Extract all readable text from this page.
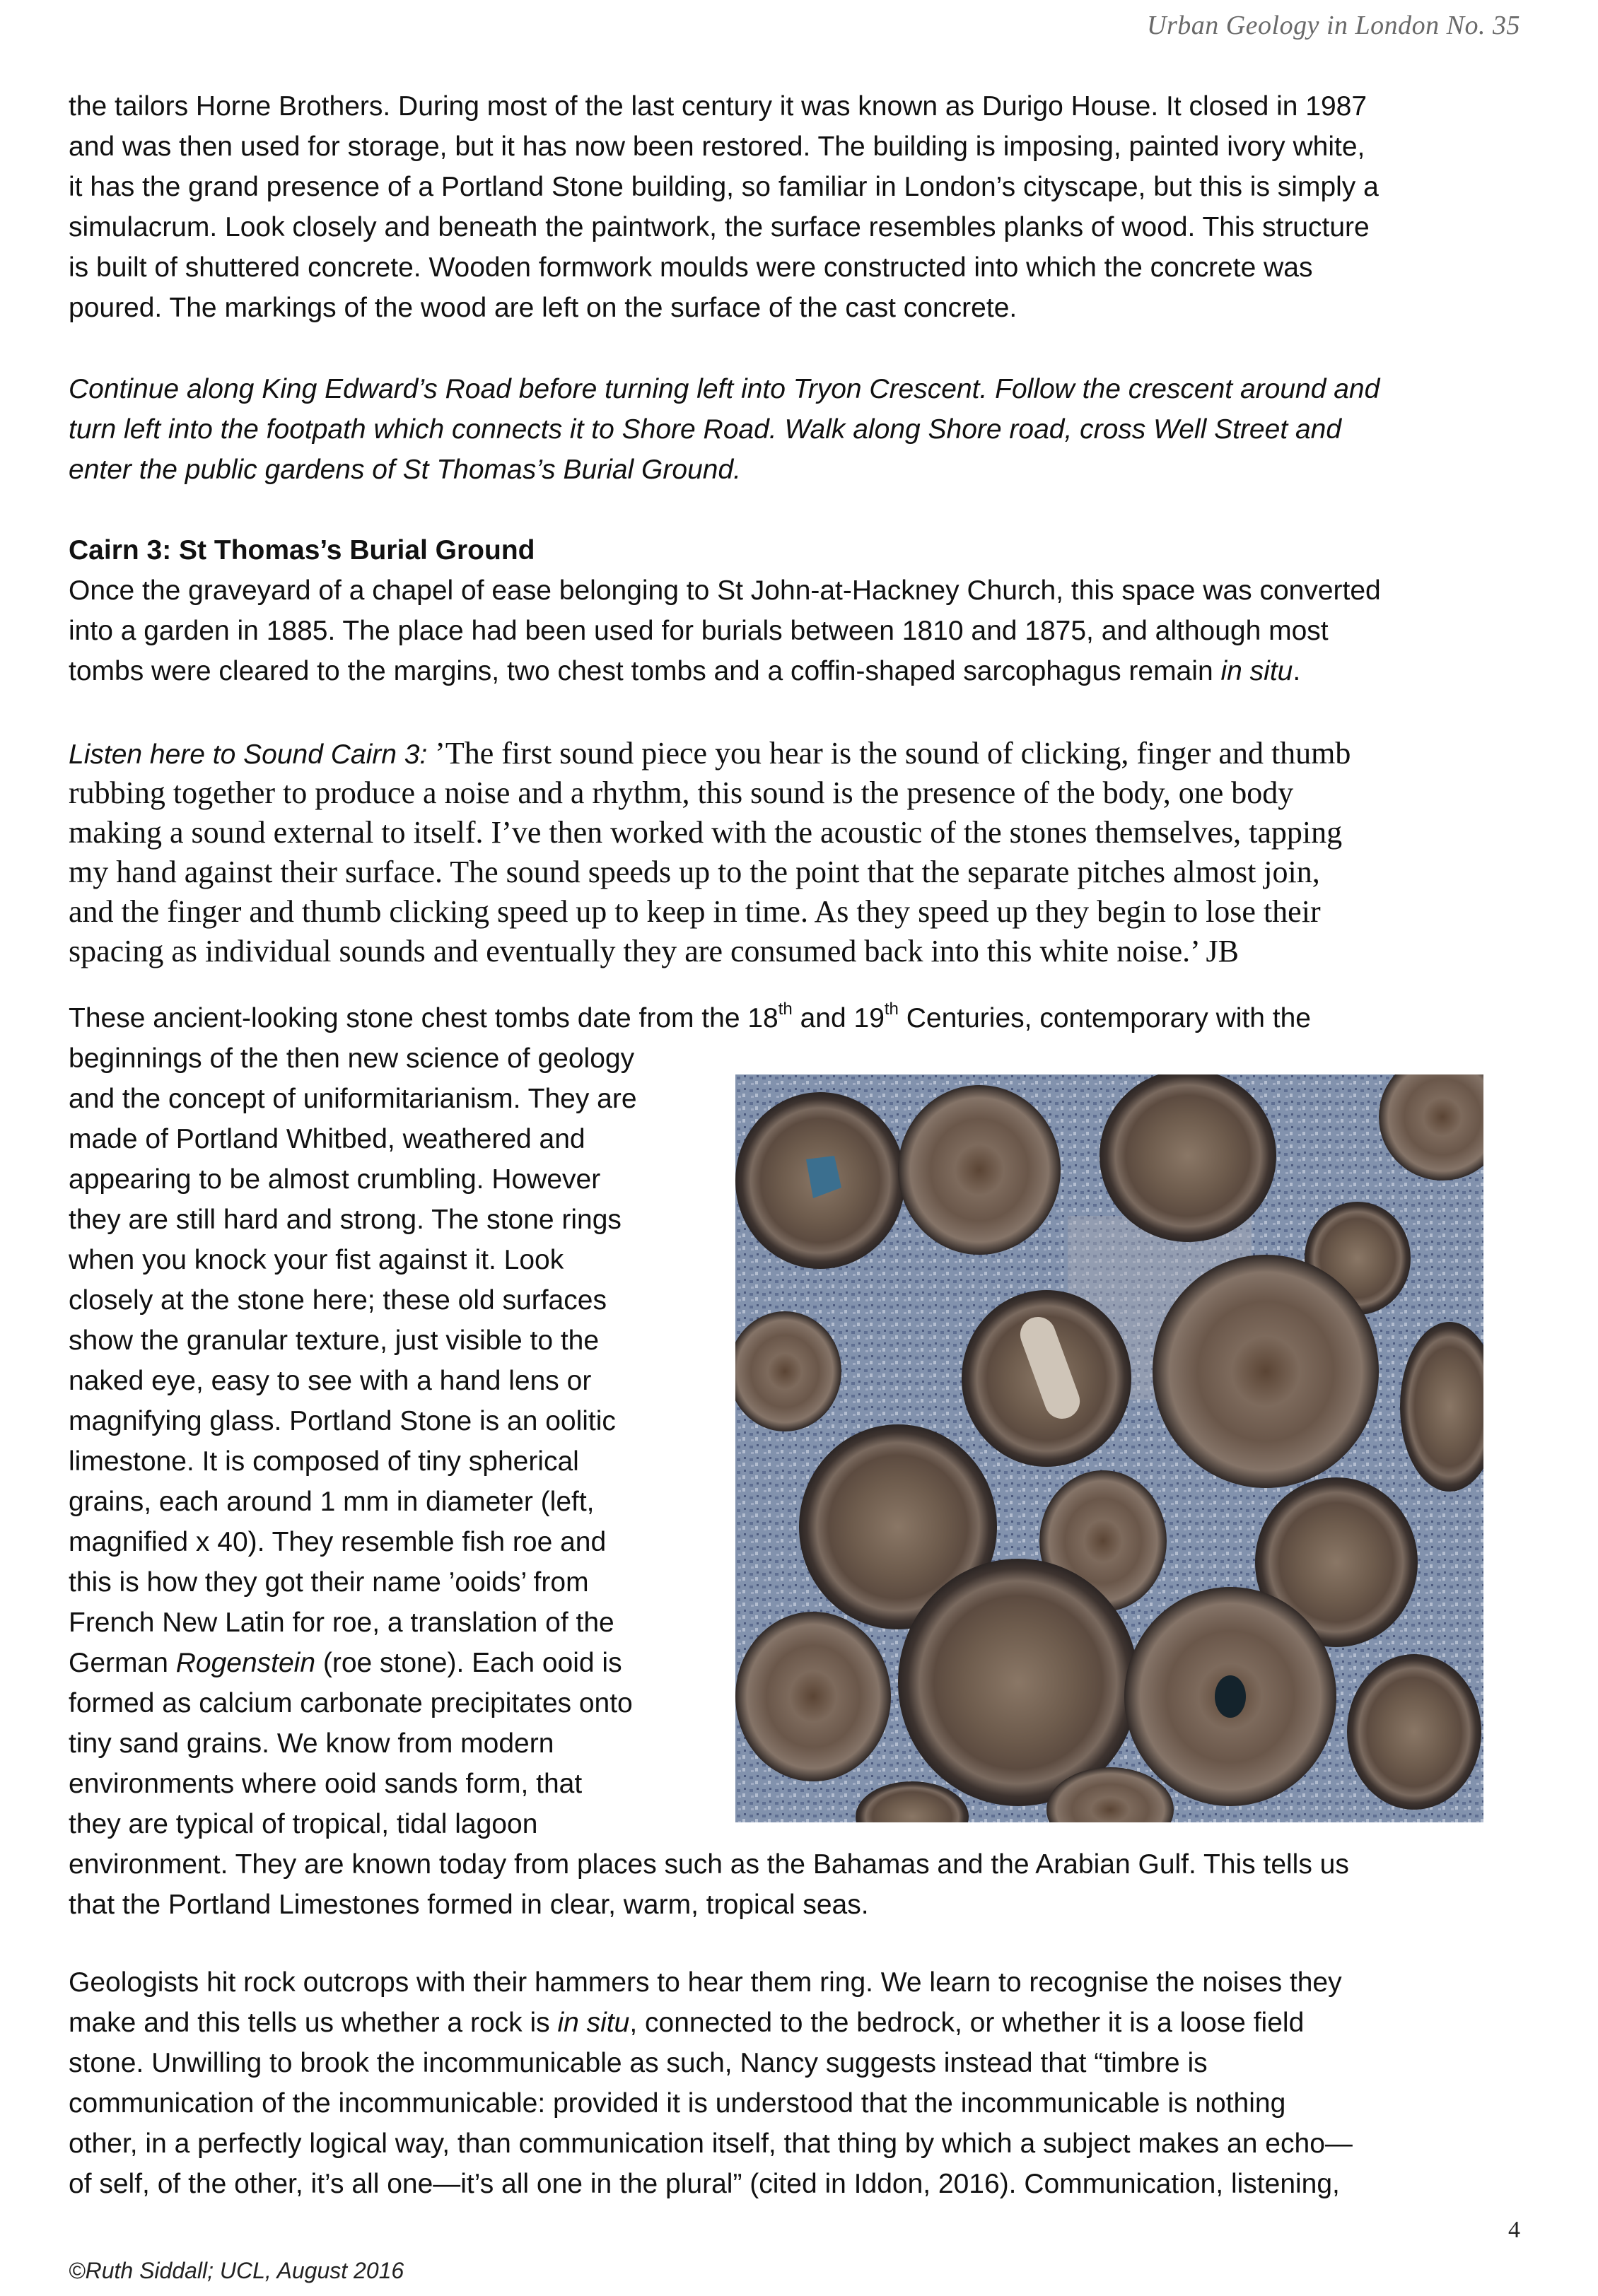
Urban Geology in London No. 35
the tailors Horne Brothers. During most of the last century it was known as Durigo House. It closed in 1987
and was then used for storage, but it has now been restored. The building is imposing, painted ivory white,
it has the grand presence of a Portland Stone building, so familiar in London’s cityscape, but this is simply a
simulacrum. Look closely and beneath the paintwork, the surface resembles planks of wood. This structure
is built of shuttered concrete. Wooden formwork moulds were constructed into which the concrete was
poured. The markings of the wood are left on the surface of the cast concrete.
Continue along King Edward’s Road before turning left into Tryon Crescent. Follow the crescent around and
turn left into the footpath which connects it to Shore Road. Walk along Shore road, cross Well Street and
enter the public gardens of St Thomas’s Burial Ground.
Cairn 3: St Thomas’s Burial Ground
Once the graveyard of a chapel of ease belonging to St John-at-Hackney Church, this space was converted
into a garden in 1885. The place had been used for burials between 1810 and 1875, and although most
tombs were cleared to the margins, two chest tombs and a coffin-shaped sarcophagus remain in situ.
Listen here to Sound Cairn 3: ’The first sound piece you hear is the sound of clicking, finger and thumb
rubbing together to produce a noise and a rhythm, this sound is the presence of the body, one body
making a sound external to itself. I’ve then worked with the acoustic of the stones themselves, tapping
my hand against their surface. The sound speeds up to the point that the separate pitches almost join,
and the finger and thumb clicking speed up to keep in time. As they speed up they begin to lose their
spacing as individual sounds and eventually they are consumed back into this white noise.’ JB
These ancient-looking stone chest tombs date from the 18th and 19th Centuries, contemporary with the
beginnings of the then new science of geology
and the concept of uniformitarianism. They are
made of Portland Whitbed, weathered and
appearing to be almost crumbling. However
they are still hard and strong. The stone rings
when you knock your fist against it. Look
closely at the stone here; these old surfaces
show the granular texture, just visible to the
naked eye, easy to see with a hand lens or
magnifying glass. Portland Stone is an oolitic
limestone. It is composed of tiny spherical
grains, each around 1 mm in diameter (left,
magnified x 40). They resemble fish roe and
this is how they got their name ’ooids’ from
French New Latin for roe, a translation of the
German Rogenstein (roe stone). Each ooid is
formed as calcium carbonate precipitates onto
tiny sand grains. We know from modern
environments where ooid sands form, that
they are typical of tropical, tidal lagoon
environment. They are known today from places such as the Bahamas and the Arabian Gulf. This tells us
that the Portland Limestones formed in clear, warm, tropical seas.
Geologists hit rock outcrops with their hammers to hear them ring. We learn to recognise the noises they
make and this tells us whether a rock is in situ, connected to the bedrock, or whether it is a loose field
stone. Unwilling to brook the incommunicable as such, Nancy suggests instead that “timbre is
communication of the incommunicable: provided it is understood that the incommunicable is nothing
other, in a perfectly logical way, than communication itself, that thing by which a subject makes an echo—
of self, of the other, it’s all one—it’s all one in the plural” (cited in Iddon, 2016). Communication, listening,
4
©Ruth Siddall; UCL, August 2016
